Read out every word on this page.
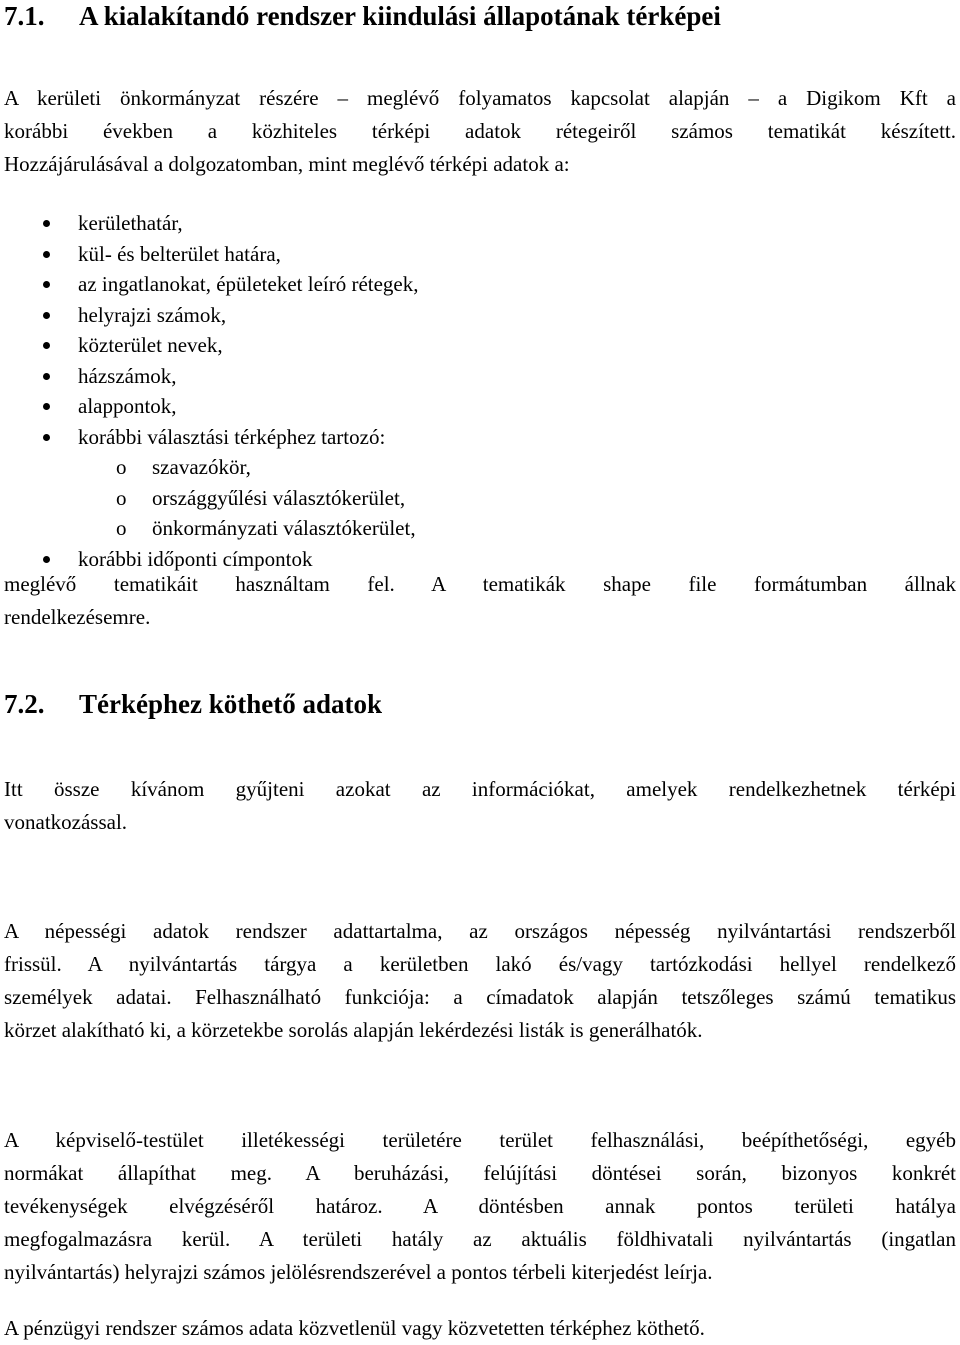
7.1. A kialakítandó rendszer kiindulási állapotának térképei
A kerületi önkormányzat részére – meglévő folyamatos kapcsolat alapján – a Digikom Kft a
korábbi években a közhiteles térképi adatok rétegeiről számos tematikát készített.
Hozzájárulásával a dolgozatomban, mint meglévő térképi adatok a:
kerülethatár,
kül- és belterület határa,
az ingatlanokat, épületeket leíró rétegek,
helyrajzi számok,
közterület nevek,
házszámok,
alappontok,
korábbi választási térképhez tartozó:
o szavazókör,
o országgyűlési választókerület,
o önkormányzati választókerület,
korábbi időponti címpontok
meglévő tematikáit használtam fel. A tematikák shape file formátumban állnak
rendelkezésemre.
7.2. Térképhez köthető adatok
Itt össze kívánom gyűjteni azokat az információkat, amelyek rendelkezhetnek térképi
vonatkozással.
A népességi adatok rendszer adattartalma, az országos népesség nyilvántartási rendszerből
frissül. A nyilvántartás tárgya a kerületben lakó és/vagy tartózkodási hellyel rendelkező
személyek adatai. Felhasználható funkciója: a címadatok alapján tetszőleges számú tematikus
körzet alakítható ki, a körzetekbe sorolás alapján lekérdezési listák is generálhatók.
A képviselő-testület illetékességi területére terület felhasználási, beépíthetőségi, egyéb
normákat állapíthat meg. A beruházási, felújítási döntései során, bizonyos konkrét
tevékenységek elvégzéséről határoz. A döntésben annak pontos területi hatálya
megfogalmazásra kerül. A területi hatály az aktuális földhivatali nyilvántartás (ingatlan
nyilvántartás) helyrajzi számos jelölésrendszerével a pontos térbeli kiterjedést leírja.
A pénzügyi rendszer számos adata közvetlenül vagy közvetetten térképhez köthető.
